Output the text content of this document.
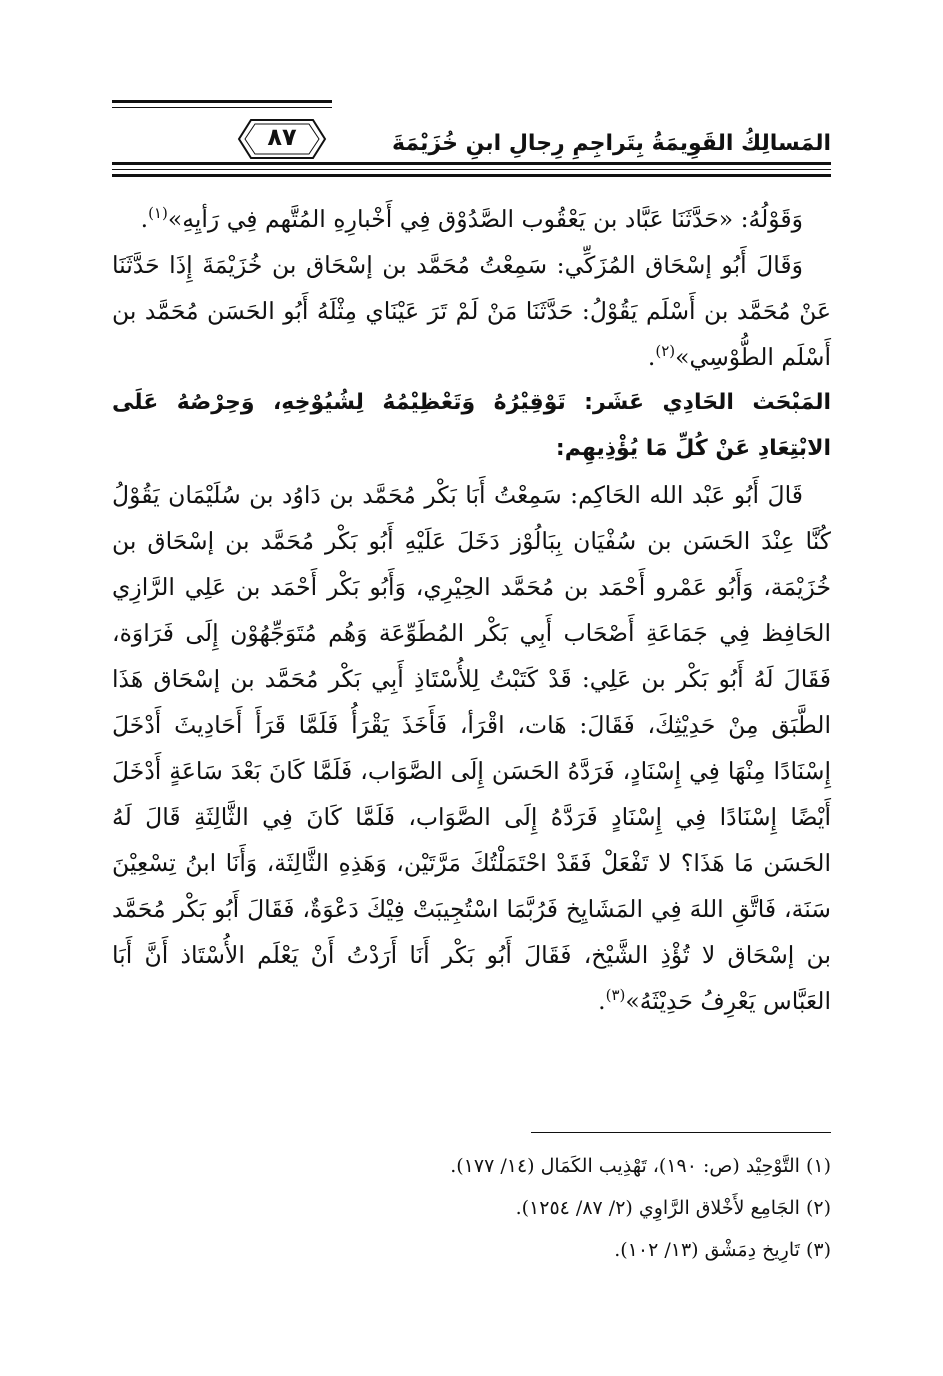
المَسالِكُ القَوِيمَةُ بِتَراجِمِ رِجالِ ابنِ خُزَيْمَةَ
٨٧

وَقَوْلُهُ: «حَدَّثَنَا عَبَّاد بن يَعْقُوب الصَّدُوْق فِي أَخْبارِهِ المُتَّهم فِي رَأيِهِ»$^{(١)}$.

وَقَالَ أَبُو إسْحَاق المُزَكِّي: سَمِعْتُ مُحَمَّد بن إسْحَاق بن خُزَيْمَةَ إِذَا حَدَّثَنَا عَنْ مُحَمَّد بن أَسْلَم يَقُوْلُ: حَدَّثَنَا مَنْ لَمْ تَرَ عَيْنَاي مِثْلَهُ أَبُو الحَسَن مُحَمَّد بن أَسْلَم الطُّوْسِي»$^{(٢)}$.

المَبْحَث الحَادِي عَشَر: تَوْقِيْرُهُ وَتَعْظِيْمُهُ لِشُيُوْخِهِ، وَحِرْصُهُ عَلَى الابْتِعَادِ عَنْ كُلِّ مَا يُؤْذِيهِم:

قَالَ أَبُو عَبْد الله الحَاكِم: سَمِعْتُ أَبَا بَكْر مُحَمَّد بن دَاوُد بن سُلَيْمَان يَقُوْلُ كُنَّا عِنْدَ الحَسَن بن سُفْيَان بِبَالُوْز دَخَلَ عَلَيْهِ أَبُو بَكْر مُحَمَّد بن إسْحَاق بن خُزَيْمَة، وَأَبُو عَمْرو أَحْمَد بن مُحَمَّد الحِيْرِي، وَأَبُو بَكْر أَحْمَد بن عَلِي الرَّازِي الحَافِظ فِي جَمَاعَةِ أَصْحَاب أَبِي بَكْر المُطَوِّعَة وَهُم مُتَوَجِّهُوْن إِلَى فَرَاوَة، فَقَالَ لَهُ أَبُو بَكْر بن عَلِي: قَدْ كَتَبْتُ لِلأُسْتَاذِ أَبِي بَكْر مُحَمَّد بن إسْحَاق هَذَا الطَّبَق مِنْ حَدِيْثِكَ، فَقَالَ: هَات، اقْرَأ، فَأَخَذَ يَقْرَأُ فَلَمَّا قَرَأَ أَحَادِيثَ أَدْخَلَ إِسْنَادًا مِنْهَا فِي إِسْنَادٍ، فَرَدَّهُ الحَسَن إِلَى الصَّوَاب، فَلَمَّا كَانَ بَعْدَ سَاعَةٍ أَدْخَلَ أَيْضًا إِسْنَادًا فِي إِسْنَادٍ فَرَدَّهُ إِلَى الصَّوَاب، فَلَمَّا كَانَ فِي الثَّالِثَةِ قَالَ لَهُ الحَسَن مَا هَذَا؟ لا تَفْعَلْ فَقَدْ احْتَمَلْتُكَ مَرَّتَيْن، وَهَذِهِ الثَّالِثَة، وَأَنَا ابنُ تِسْعِيْنَ سَنَة، فَاتَّقِ اللهَ فِي المَشَايِخ فَرُبَّمَا اسْتُجِيبَتْ فِيْكَ دَعْوَةٌ، فَقَالَ أَبُو بَكْر مُحَمَّد بن إسْحَاق لا تُؤْذِ الشَّيْخ، فَقَالَ أَبُو بَكْر أَنَا أَرَدْتُ أَنْ يَعْلَم الأُسْتَاذ أَنَّ أَبَا العَبَّاس يَعْرِفُ حَدِيْثَهُ»$^{(٣)}$.

(١) التَّوْحِيْد (ص: ١٩٠)، تَهْذِيب الكَمَال (١٤/ ١٧٧).

(٢) الجَامِع لأَخْلاق الرَّاوِي (٢/ ٨٧/ ١٢٥٤).

(٣) تَارِيخ دِمَشْق (١٣/ ١٠٢).
